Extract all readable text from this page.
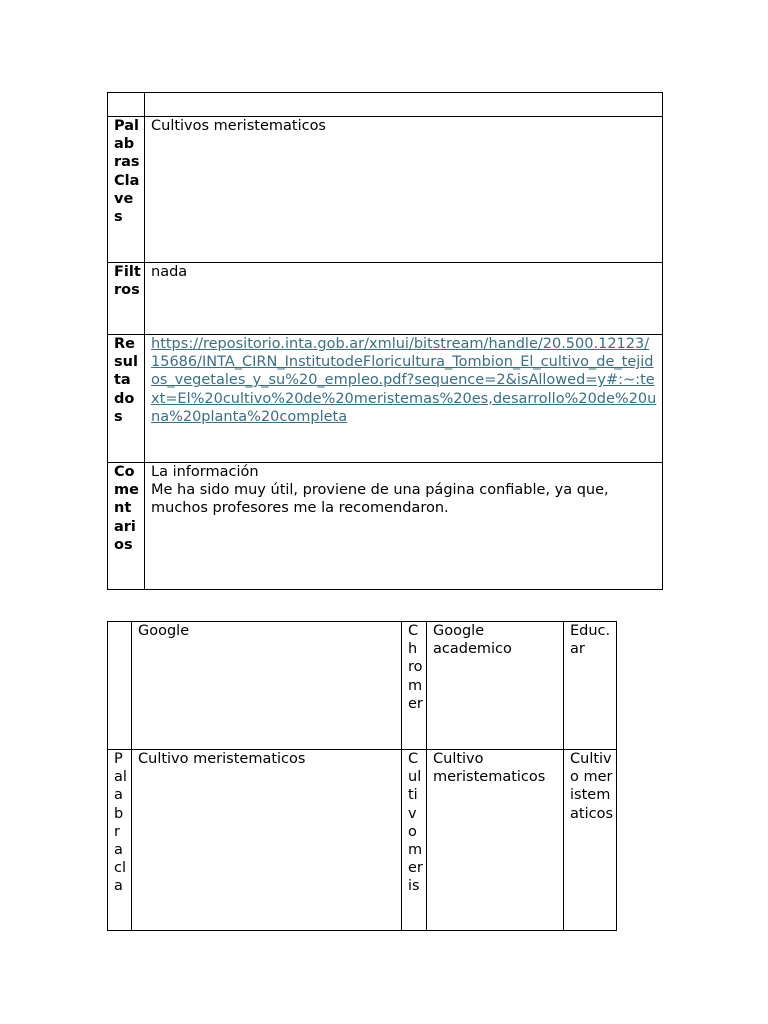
PalabrasClaves	Cultivos meristematicos
Filtros	nada
Resultados	https://repositorio.inta.gob.ar/xmlui/bitstream/handle/20.500.12123/15686/INTA_CIRN_InstitutodeFloricultura_Tombion_El_cultivo_de_tejidos_vegetales_y_su%20_empleo.pdf?sequence=2&isAllowed=y#:~:text=El%20cultivo%20de%20meristemas%20es,desarrollo%20de%20una%20planta%20completa
Comentarios	La información
Me ha sido muy útil, proviene de una página confiable, ya que, muchos profesores me la recomendaron.
	Google	Chromer	Google academico	Educ.ar
Palabracla	Cultivo meristematicos	Cultivomeris	Cultivo meristematicos	Cultivo meristematicos
